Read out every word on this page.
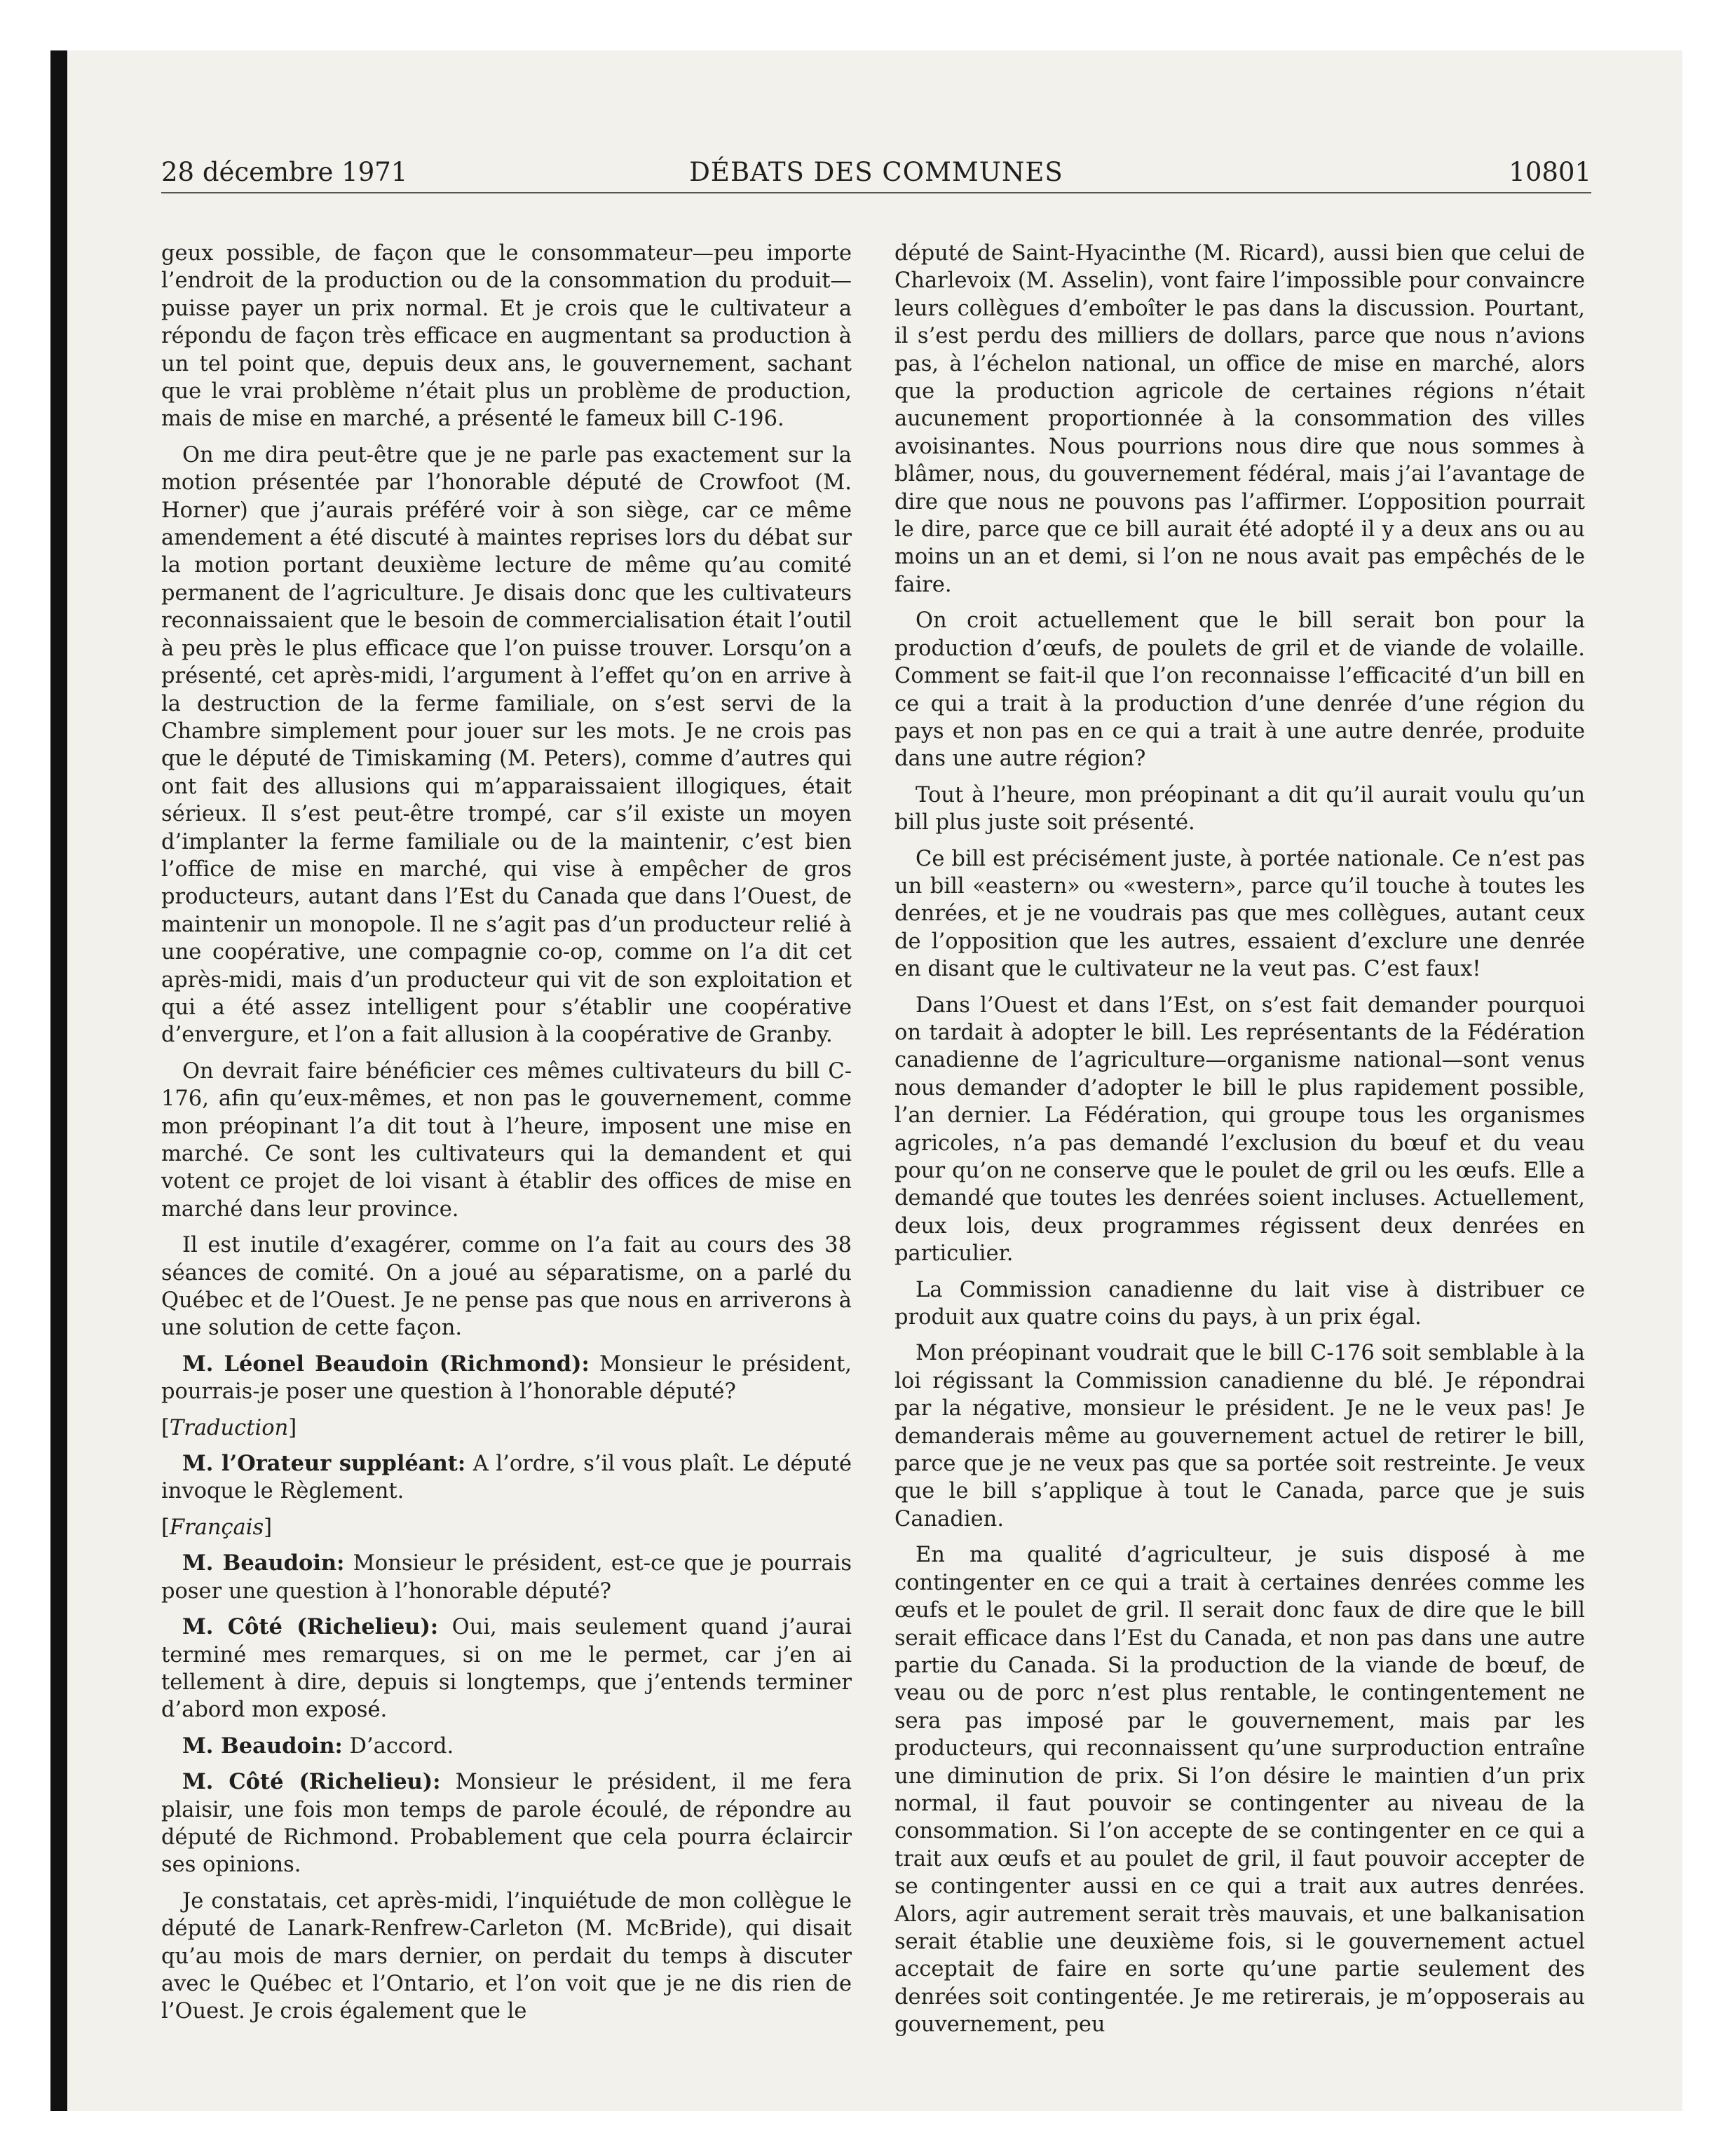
28 décembre 1971	DÉBATS DES COMMUNES	10801

geux possible, de façon que le consommateur—peu importe l’endroit de la production ou de la consommation du produit—puisse payer un prix normal. Et je crois que le cultivateur a répondu de façon très efficace en augmentant sa production à un tel point que, depuis deux ans, le gouvernement, sachant que le vrai problème n’était plus un problème de production, mais de mise en marché, a présenté le fameux bill C-196.

On me dira peut-être que je ne parle pas exactement sur la motion présentée par l’honorable député de Crowfoot (M. Horner) que j’aurais préféré voir à son siège, car ce même amendement a été discuté à maintes reprises lors du débat sur la motion portant deuxième lecture de même qu’au comité permanent de l’agriculture. Je disais donc que les cultivateurs reconnaissaient que le besoin de commercialisation était l’outil à peu près le plus efficace que l’on puisse trouver. Lorsqu’on a présenté, cet après-midi, l’argument à l’effet qu’on en arrive à la destruction de la ferme familiale, on s’est servi de la Chambre simplement pour jouer sur les mots. Je ne crois pas que le député de Timiskaming (M. Peters), comme d’autres qui ont fait des allusions qui m’apparaissaient illogiques, était sérieux. Il s’est peut-être trompé, car s’il existe un moyen d’implanter la ferme familiale ou de la maintenir, c’est bien l’office de mise en marché, qui vise à empêcher de gros producteurs, autant dans l’Est du Canada que dans l’Ouest, de maintenir un monopole. Il ne s’agit pas d’un producteur relié à une coopérative, une compagnie co-op, comme on l’a dit cet après-midi, mais d’un producteur qui vit de son exploitation et qui a été assez intelligent pour s’établir une coopérative d’envergure, et l’on a fait allusion à la coopérative de Granby.

On devrait faire bénéficier ces mêmes cultivateurs du bill C-176, afin qu’eux-mêmes, et non pas le gouvernement, comme mon préopinant l’a dit tout à l’heure, imposent une mise en marché. Ce sont les cultivateurs qui la demandent et qui votent ce projet de loi visant à établir des offices de mise en marché dans leur province.

Il est inutile d’exagérer, comme on l’a fait au cours des 38 séances de comité. On a joué au séparatisme, on a parlé du Québec et de l’Ouest. Je ne pense pas que nous en arriverons à une solution de cette façon.

M. Léonel Beaudoin (Richmond): Monsieur le président, pourrais-je poser une question à l’honorable député?

[Traduction]

M. l’Orateur suppléant: A l’ordre, s’il vous plaît. Le député invoque le Règlement.

[Français]

M. Beaudoin: Monsieur le président, est-ce que je pourrais poser une question à l’honorable député?

M. Côté (Richelieu): Oui, mais seulement quand j’aurai terminé mes remarques, si on me le permet, car j’en ai tellement à dire, depuis si longtemps, que j’entends terminer d’abord mon exposé.

M. Beaudoin: D’accord.

M. Côté (Richelieu): Monsieur le président, il me fera plaisir, une fois mon temps de parole écoulé, de répondre au député de Richmond. Probablement que cela pourra éclaircir ses opinions.

Je constatais, cet après-midi, l’inquiétude de mon collègue le député de Lanark-Renfrew-Carleton (M. McBride), qui disait qu’au mois de mars dernier, on perdait du temps à discuter avec le Québec et l’Ontario, et l’on voit que je ne dis rien de l’Ouest. Je crois également que le

député de Saint-Hyacinthe (M. Ricard), aussi bien que celui de Charlevoix (M. Asselin), vont faire l’impossible pour convaincre leurs collègues d’emboîter le pas dans la discussion. Pourtant, il s’est perdu des milliers de dollars, parce que nous n’avions pas, à l’échelon national, un office de mise en marché, alors que la production agricole de certaines régions n’était aucunement proportionnée à la consommation des villes avoisinantes. Nous pourrions nous dire que nous sommes à blâmer, nous, du gouvernement fédéral, mais j’ai l’avantage de dire que nous ne pouvons pas l’affirmer. L’opposition pourrait le dire, parce que ce bill aurait été adopté il y a deux ans ou au moins un an et demi, si l’on ne nous avait pas empêchés de le faire.

On croit actuellement que le bill serait bon pour la production d’œufs, de poulets de gril et de viande de volaille. Comment se fait-il que l’on reconnaisse l’efficacité d’un bill en ce qui a trait à la production d’une denrée d’une région du pays et non pas en ce qui a trait à une autre denrée, produite dans une autre région?

Tout à l’heure, mon préopinant a dit qu’il aurait voulu qu’un bill plus juste soit présenté.

Ce bill est précisément juste, à portée nationale. Ce n’est pas un bill «eastern» ou «western», parce qu’il touche à toutes les denrées, et je ne voudrais pas que mes collègues, autant ceux de l’opposition que les autres, essaient d’exclure une denrée en disant que le cultivateur ne la veut pas. C’est faux!

Dans l’Ouest et dans l’Est, on s’est fait demander pourquoi on tardait à adopter le bill. Les représentants de la Fédération canadienne de l’agriculture—organisme national—sont venus nous demander d’adopter le bill le plus rapidement possible, l’an dernier. La Fédération, qui groupe tous les organismes agricoles, n’a pas demandé l’exclusion du bœuf et du veau pour qu’on ne conserve que le poulet de gril ou les œufs. Elle a demandé que toutes les denrées soient incluses. Actuellement, deux lois, deux programmes régissent deux denrées en particulier.

La Commission canadienne du lait vise à distribuer ce produit aux quatre coins du pays, à un prix égal.

Mon préopinant voudrait que le bill C-176 soit semblable à la loi régissant la Commission canadienne du blé. Je répondrai par la négative, monsieur le président. Je ne le veux pas! Je demanderais même au gouvernement actuel de retirer le bill, parce que je ne veux pas que sa portée soit restreinte. Je veux que le bill s’applique à tout le Canada, parce que je suis Canadien.

En ma qualité d’agriculteur, je suis disposé à me contingenter en ce qui a trait à certaines denrées comme les œufs et le poulet de gril. Il serait donc faux de dire que le bill serait efficace dans l’Est du Canada, et non pas dans une autre partie du Canada. Si la production de la viande de bœuf, de veau ou de porc n’est plus rentable, le contingentement ne sera pas imposé par le gouvernement, mais par les producteurs, qui reconnaissent qu’une surproduction entraîne une diminution de prix. Si l’on désire le maintien d’un prix normal, il faut pouvoir se contingenter au niveau de la consommation. Si l’on accepte de se contingenter en ce qui a trait aux œufs et au poulet de gril, il faut pouvoir accepter de se contingenter aussi en ce qui a trait aux autres denrées. Alors, agir autrement serait très mauvais, et une balkanisation serait établie une deuxième fois, si le gouvernement actuel acceptait de faire en sorte qu’une partie seulement des denrées soit contingentée. Je me retirerais, je m’opposerais au gouvernement, peu
